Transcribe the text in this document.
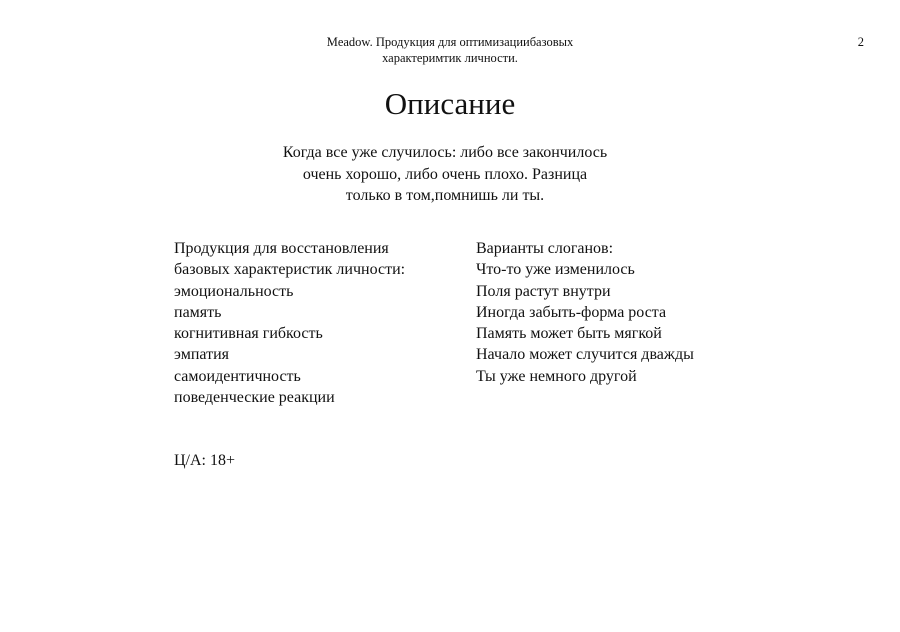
Meadow. Продукция для оптимизациибазовых
характеримтик личности.
2
Описание
Когда все уже случилось: либо все закончилось
очень хорошо, либо очень плохо. Разница
только в том,помнишь ли ты.
Продукция для восстановления
базовых характеристик личности:
эмоциональность
память
когнитивная гибкость
эмпатия
самоидентичность
поведенческие реакции
Варианты слоганов:
Что-то уже изменилось
Поля растут внутри
Иногда забыть-форма роста
Память может быть мягкой
Начало может случится дважды
Ты уже немного другой
Ц/А: 18+
